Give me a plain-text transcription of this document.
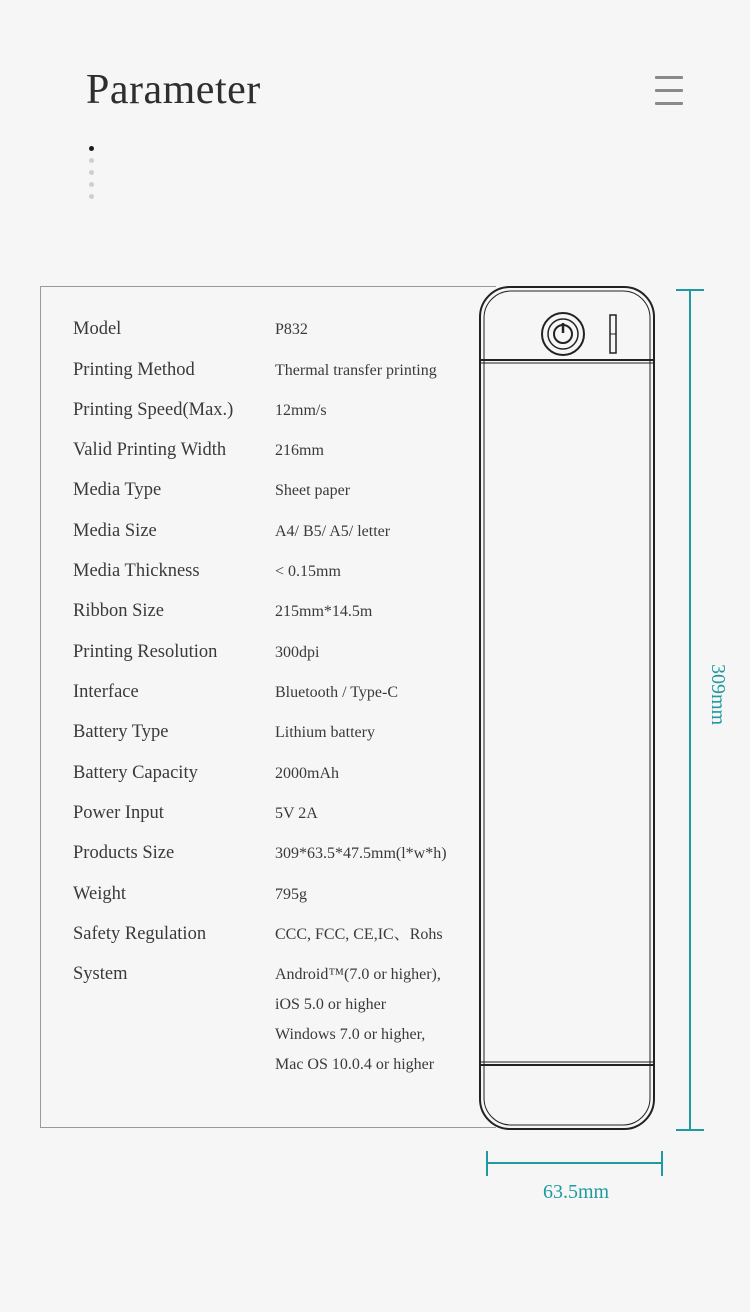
Parameter
Model	P832
Printing Method	Thermal transfer printing
Printing Speed(Max.)	12mm/s
Valid Printing Width	216mm
Media Type	Sheet paper
Media Size	A4/ B5/ A5/ letter
Media Thickness	< 0.15mm
Ribbon Size	215mm*14.5m
Printing Resolution	300dpi
Interface	Bluetooth / Type-C
Battery Type	Lithium battery
Battery Capacity	2000mAh
Power Input	5V 2A
Products Size	309*63.5*47.5mm(l*w*h)
Weight	795g
Safety Regulation	CCC, FCC, CE,IC、Rohs
System	Android™(7.0 or higher),
iOS 5.0 or higher
Windows 7.0 or higher,
Mac OS 10.0.4 or higher
309mm
63.5mm
